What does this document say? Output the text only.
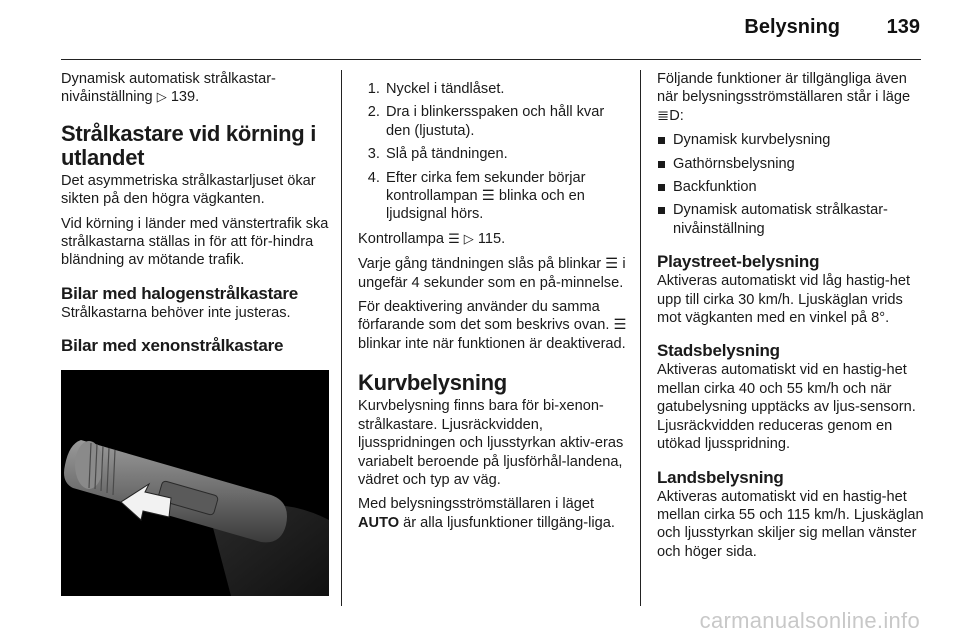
Belysning 139

Dynamisk automatisk strålkastar-
nivåinställning ▷ 139.

Strålkastare vid körning i utlandet

Det asymmetriska strålkastarljuset ökar sikten på den högra vägkanten.

Vid körning i länder med vänstertrafik ska strålkastarna ställas in för att för-hindra bländning av mötande trafik.

Bilar med halogenstrålkastare

Strålkastarna behöver inte justeras.

Bilar med xenonstrålkastare
1. Nyckel i tändlåset.
2. Dra i blinkersspaken och håll kvar den (ljustuta).
3. Slå på tändningen.
4. Efter cirka fem sekunder börjar kontrollampan ☰ blinka och en ljudsignal hörs.

Kontrollampa ☰ ▷ 115.

Varje gång tändningen slås på blinkar ☰ i ungefär 4 sekunder som en på-minnelse.

För deaktivering använder du samma förfarande som det som beskrivs ovan. ☰ blinkar inte när funktionen är deaktiverad.

Kurvbelysning

Kurvbelysning finns bara för bi-xenon-strålkastare. Ljusräckvidden, ljusspridningen och ljusstyrkan aktiv-eras variabelt beroende på ljusförhål-landena, vädret och typ av väg.

Med belysningsströmställaren i läget AUTO är alla ljusfunktioner tillgäng-liga.

Följande funktioner är tillgängliga även när belysningsströmställaren står i läge ≣D:

Dynamisk kurvbelysning
Gathörnsbelysning
Backfunktion
Dynamisk automatisk strålkastar-nivåinställning
Playstreet-belysning

Aktiveras automatiskt vid låg hastig-het upp till cirka 30 km/h. Ljuskäglan vrids mot vägkanten med en vinkel på 8°.

Stadsbelysning

Aktiveras automatiskt vid en hastig-het mellan cirka 40 och 55 km/h och när gatubelysning upptäcks av ljus-sensorn. Ljusräckvidden reduceras genom en utökad ljusspridning.

Landsbelysning

Aktiveras automatiskt vid en hastig-het mellan cirka 55 och 115 km/h. Ljuskäglan och ljusstyrkan skiljer sig mellan vänster och höger sida.

carmanualsonline.info
